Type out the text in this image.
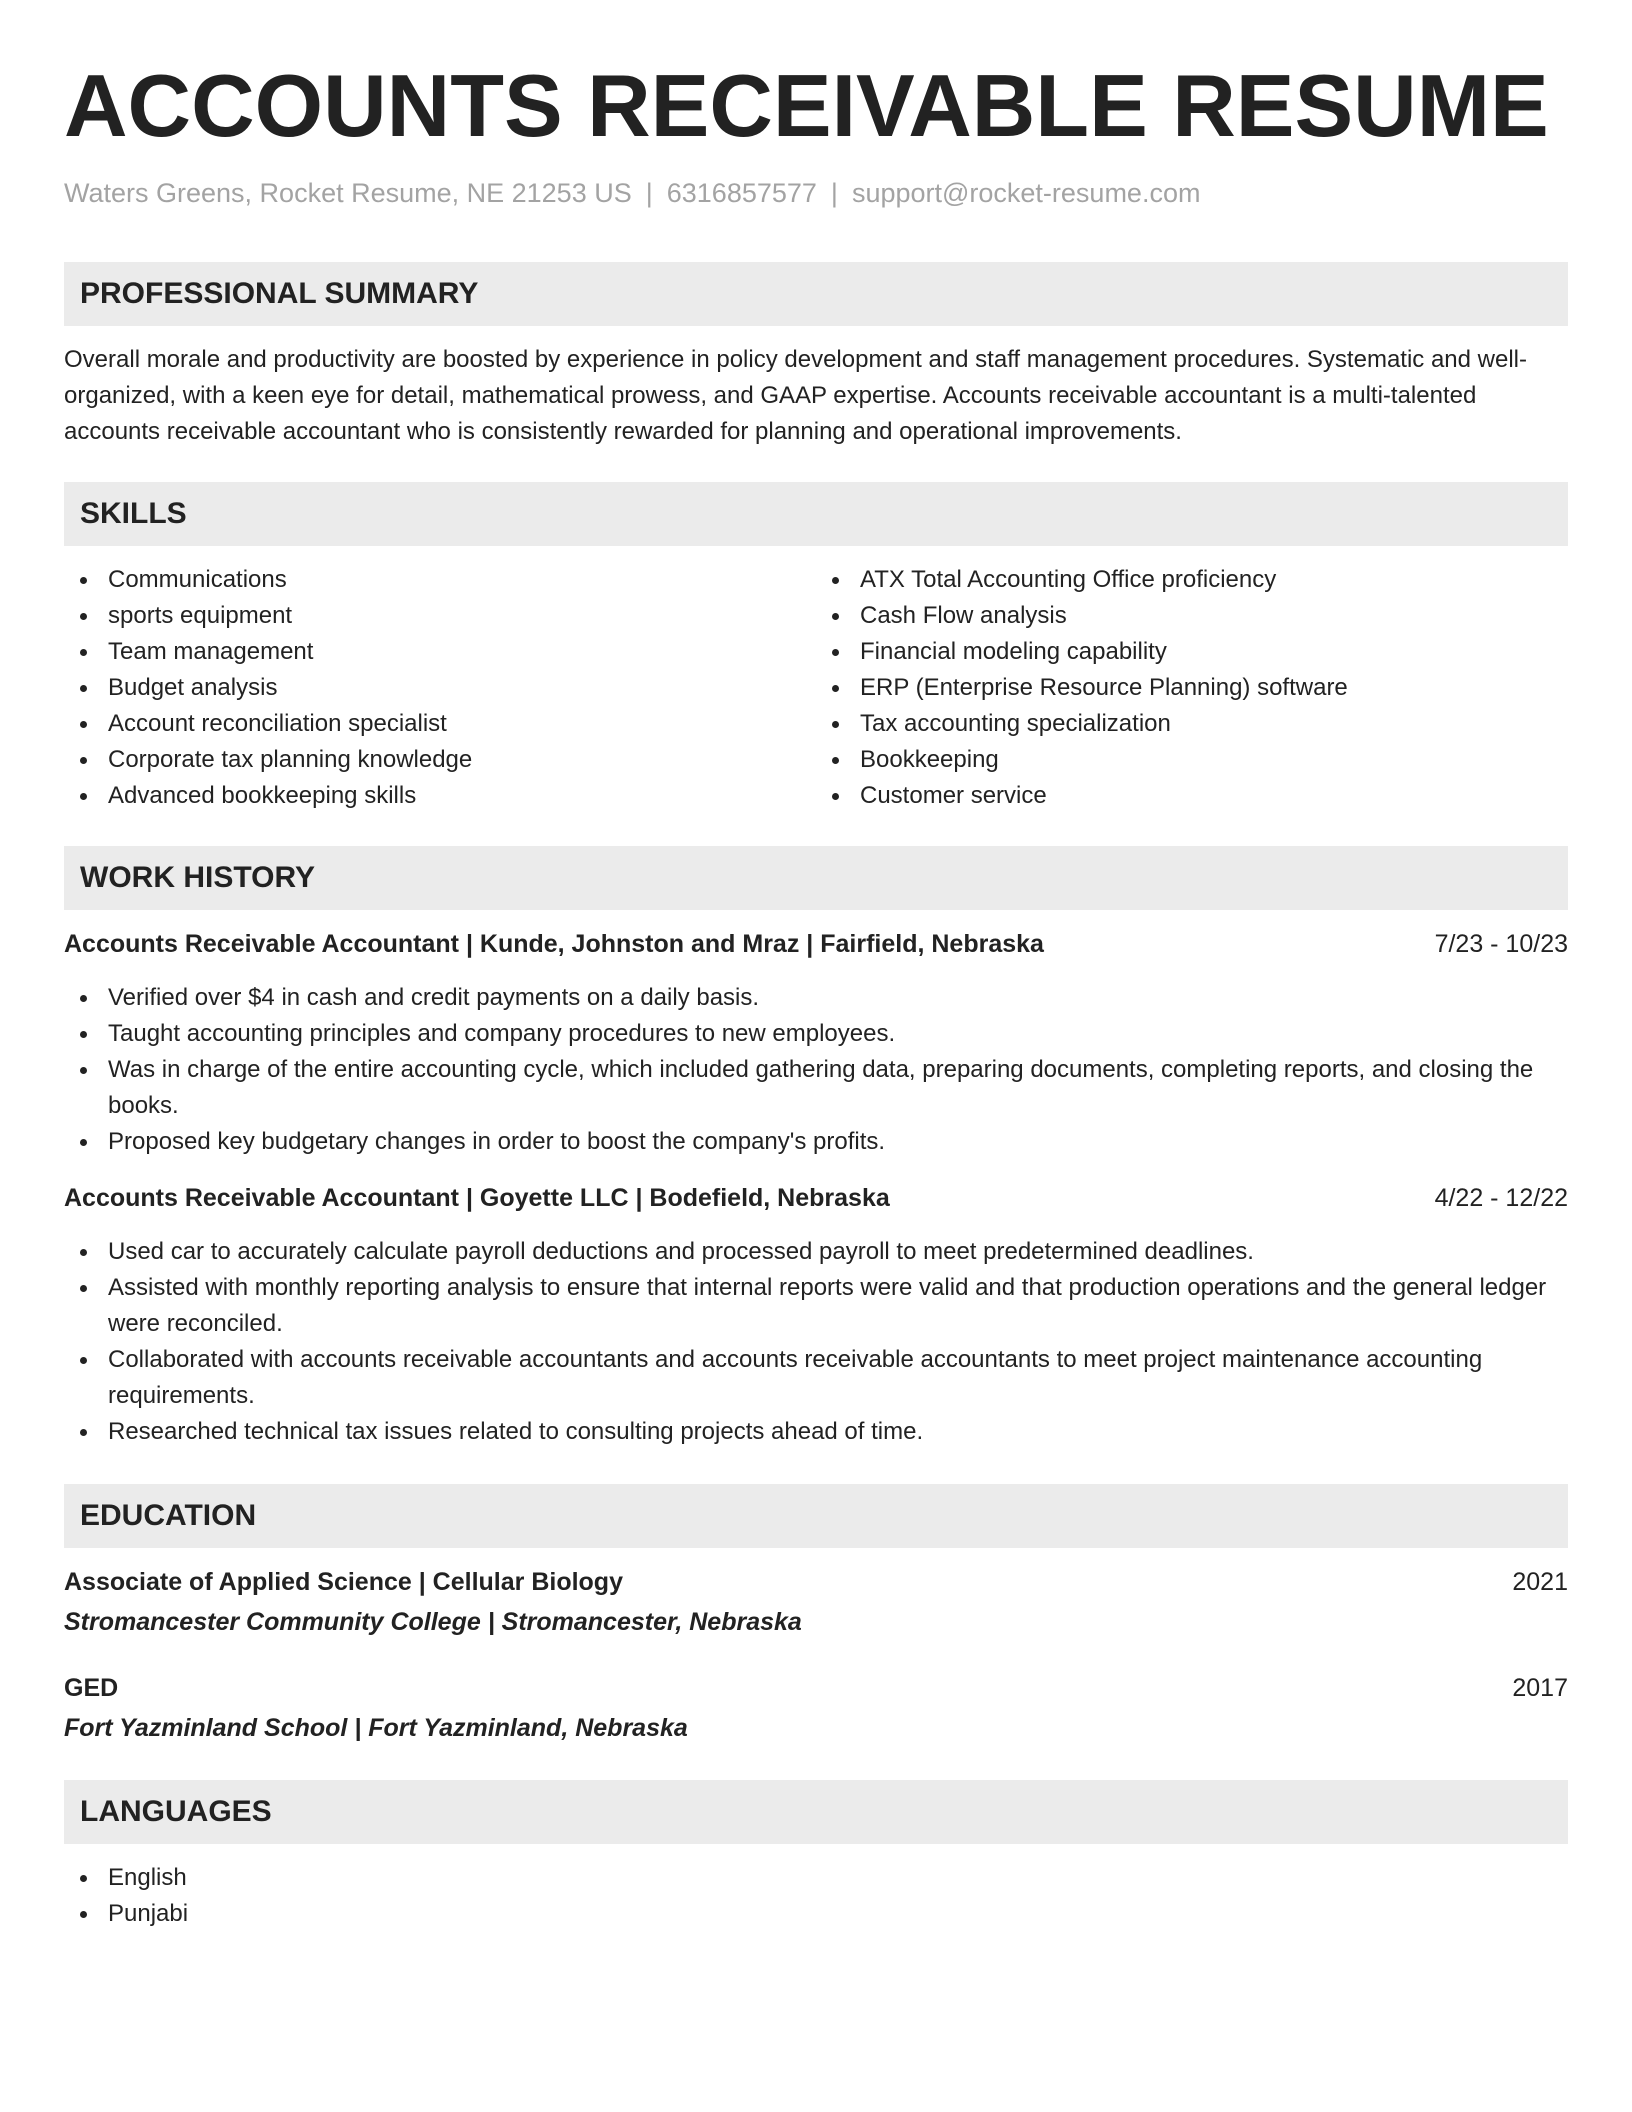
ACCOUNTS RECEIVABLE RESUME
Waters Greens, Rocket Resume, NE 21253 US | 6316857577 | support@rocket-resume.com
PROFESSIONAL SUMMARY
Overall morale and productivity are boosted by experience in policy development and staff management procedures. Systematic and well-organized, with a keen eye for detail, mathematical prowess, and GAAP expertise. Accounts receivable accountant is a multi-talented accounts receivable accountant who is consistently rewarded for planning and operational improvements.
SKILLS
Communications
sports equipment
Team management
Budget analysis
Account reconciliation specialist
Corporate tax planning knowledge
Advanced bookkeeping skills
ATX Total Accounting Office proficiency
Cash Flow analysis
Financial modeling capability
ERP (Enterprise Resource Planning) software
Tax accounting specialization
Bookkeeping
Customer service
WORK HISTORY
Accounts Receivable Accountant | Kunde, Johnston and Mraz | Fairfield, Nebraska	7/23 - 10/23
Verified over $4 in cash and credit payments on a daily basis.
Taught accounting principles and company procedures to new employees.
Was in charge of the entire accounting cycle, which included gathering data, preparing documents, completing reports, and closing the books.
Proposed key budgetary changes in order to boost the company's profits.
Accounts Receivable Accountant | Goyette LLC | Bodefield, Nebraska	4/22 - 12/22
Used car to accurately calculate payroll deductions and processed payroll to meet predetermined deadlines.
Assisted with monthly reporting analysis to ensure that internal reports were valid and that production operations and the general ledger were reconciled.
Collaborated with accounts receivable accountants and accounts receivable accountants to meet project maintenance accounting requirements.
Researched technical tax issues related to consulting projects ahead of time.
EDUCATION
Associate of Applied Science | Cellular Biology	2021
Stromancester Community College | Stromancester, Nebraska
GED	2017
Fort Yazminland School | Fort Yazminland, Nebraska
LANGUAGES
English
Punjabi
